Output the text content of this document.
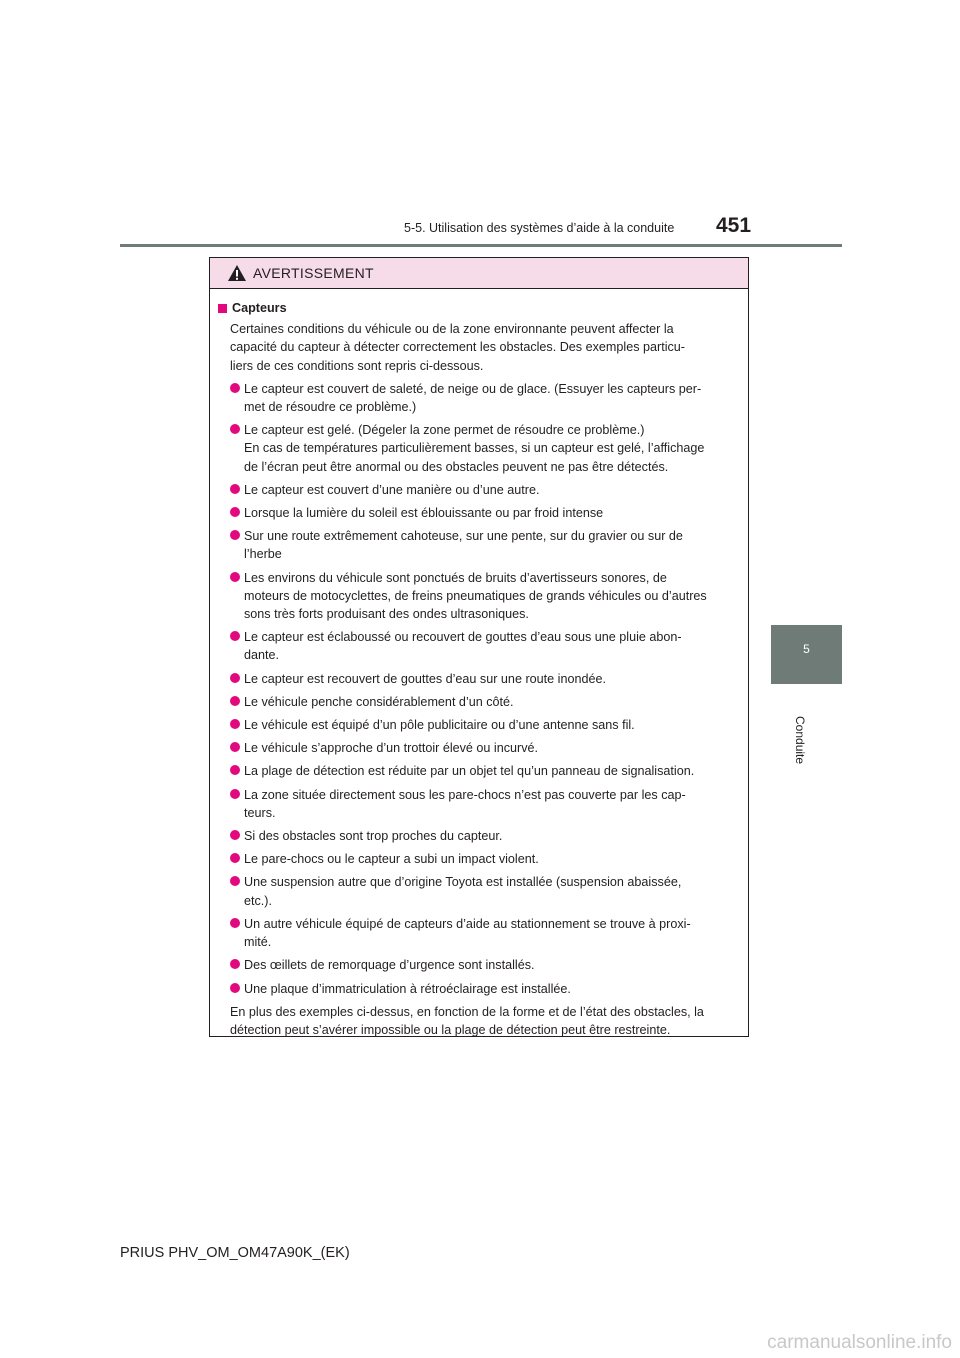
5-5. Utilisation des systèmes d’aide à la conduite 451
5
Conduite
AVERTISSEMENT
Capteurs
Certaines conditions du véhicule ou de la zone environnante peuvent affecter la
capacité du capteur à détecter correctement les obstacles. Des exemples particu-
liers de ces conditions sont repris ci-dessous.
Le capteur est couvert de saleté, de neige ou de glace. (Essuyer les capteurs per-
met de résoudre ce problème.)
Le capteur est gelé. (Dégeler la zone permet de résoudre ce problème.)
En cas de températures particulièrement basses, si un capteur est gelé, l’affichage
de l’écran peut être anormal ou des obstacles peuvent ne pas être détectés.
Le capteur est couvert d’une manière ou d’une autre.
Lorsque la lumière du soleil est éblouissante ou par froid intense
Sur une route extrêmement cahoteuse, sur une pente, sur du gravier ou sur de
l’herbe
Les environs du véhicule sont ponctués de bruits d’avertisseurs sonores, de
moteurs de motocyclettes, de freins pneumatiques de grands véhicules ou d’autres
sons très forts produisant des ondes ultrasoniques.
Le capteur est éclaboussé ou recouvert de gouttes d’eau sous une pluie abon-
dante.
Le capteur est recouvert de gouttes d’eau sur une route inondée.
Le véhicule penche considérablement d’un côté.
Le véhicule est équipé d’un pôle publicitaire ou d’une antenne sans fil.
Le véhicule s’approche d’un trottoir élevé ou incurvé.
La plage de détection est réduite par un objet tel qu’un panneau de signalisation.
La zone située directement sous les pare-chocs n’est pas couverte par les cap-
teurs.
Si des obstacles sont trop proches du capteur.
Le pare-chocs ou le capteur a subi un impact violent.
Une suspension autre que d’origine Toyota est installée (suspension abaissée,
etc.).
Un autre véhicule équipé de capteurs d’aide au stationnement se trouve à proxi-
mité.
Des œillets de remorquage d’urgence sont installés.
Une plaque d’immatriculation à rétroéclairage est installée.
En plus des exemples ci-dessus, en fonction de la forme et de l’état des obstacles, la
détection peut s’avérer impossible ou la plage de détection peut être restreinte.
PRIUS PHV_OM_OM47A90K_(EK)
carmanualsonline.info
